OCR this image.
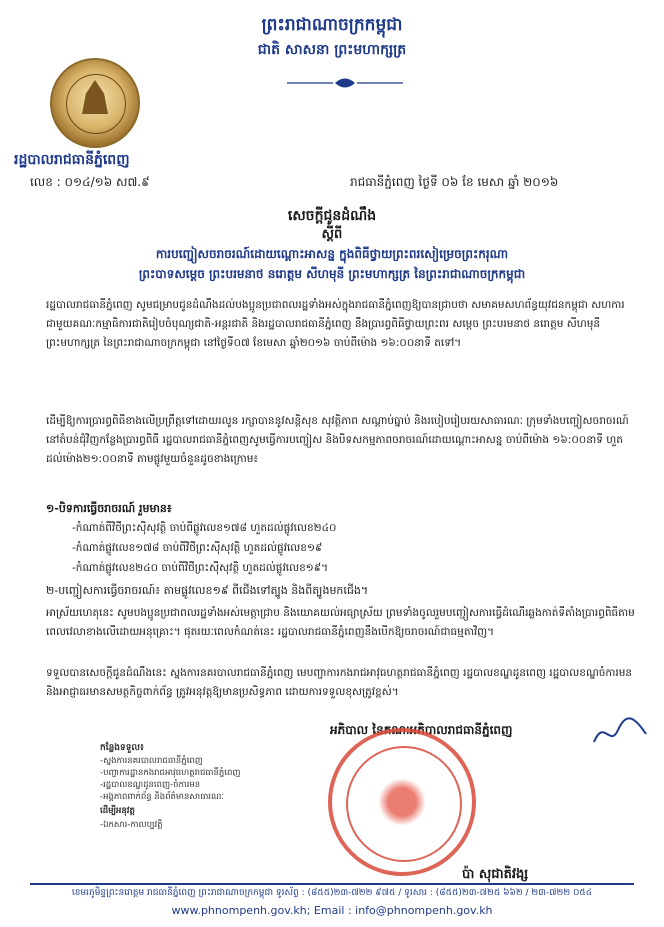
ព្រះរាជាណាចក្រកម្ពុជា
ជាតិ សាសនា ព្រះមហាក្សត្រ
រដ្ឋបាលរាជធានីភ្នំពេញ
លេខ : ០១៤/១៦ ស៧.៩	រាជធានីភ្នំពេញ ថ្ងៃទី ០៦ ខែ មេសា ឆ្នាំ ២០១៦
សេចក្តីជូនដំណឹង
ស្តីពី
ការបញ្ជៀសចរាចរណ៍ដោយណ្ដោះអាសន្ន ក្នុងពិធីថ្វាយព្រះពរសៀម្រេចព្រះករុណា
ព្រះបាទសម្តេច ព្រះបរមនាថ នរោត្តម សីហមុនី ព្រះមហាក្សត្រ នៃព្រះរាជាណាចក្រកម្ពុជា
រដ្ឋបាលរាជធានីភ្នំពេញ សូមជម្រាបជូនដំណឹងដល់បងប្អូនប្រជាពលរដ្ឋទាំងអស់ក្នុងរាជធានីភ្នំពេញឱ្យបានជ្រាបថា សមាគមសហព័ន្ធយុវជនកម្ពុជា សហការជាមួយគណៈកម្មាធិការជាតិរៀបចំបុណ្យជាតិ-អន្តរជាតិ និងរដ្ឋបាលរាជធានីភ្នំពេញ នឹងប្រារព្ធពិធីថ្វាយព្រះពរ សម្តេច ព្រះបរមនាថ នរោត្តម សីហមុនី ព្រះមហាក្សត្រ នៃព្រះរាជាណាចក្រកម្ពុជា នៅថ្ងៃទី០៧ ខែមេសា ឆ្នាំ២០១៦ ចាប់ពីម៉ោង ១៦:០០នាទី តទៅ។
ដើម្បីឱ្យការប្រារព្ធពិធីខាងលើប្រព្រឹត្តទៅដោយរលូន រក្សាបាននូវសន្តិសុខ សុវត្ថិភាព សណ្តាប់ធ្នាប់ និងរបៀបរៀបរយសាធារណៈ ក្រុមទាំងបញ្ជៀសចរាចរណ៍ នៅតំបន់ជុំវិញកន្លែងប្រារព្ធពិធី រដ្ឋបាលរាជធានីភ្នំពេញសូមធ្វើការបញ្ជៀស និងបិទសកម្មភាពចរាចរណ៍ដោយណ្ដោះអាសន្ន ចាប់ពីម៉ោង ១៦:០០នាទី ហួតដល់ម៉ោង២១:០០នាទី តាមផ្លូវមួយចំនួនដូចខាងក្រោម៖
១-បិទការធ្វើចរាចរណ៍ រួមមាន៖
-កំណាត់ពីវិថីព្រះស៊ីសុវត្ថិ ចាប់ពីផ្លូវលេខ១៧៨ ហួតដល់ផ្លូវលេខ២៤០
-កំណាត់ផ្លូវលេខ១៧៨ ចាប់ពីវិថីព្រះស៊ីសុវត្ថិ ហួតដល់ផ្លូវលេខ១៩
-កំណាត់ផ្លូវលេខ២៤០ ចាប់ពីវិថីព្រះស៊ីសុវត្ថិ ហួតដល់ផ្លូវលេខ១៩។
២-បញ្ជៀសការធ្វើចរាចរណ៍៖ តាមផ្លូវលេខ១៩ ពីជើងទៅត្បូង និងពីត្បូងមកជើង។
អាស្រ័យហេតុនេះ សូមបងប្អូនប្រជាពលរដ្ឋទាំងអស់មេត្តាជ្រាប និងយោគយល់អធ្យាស្រ័យ ព្រមទាំងចូលរួមបញ្ជៀសការធ្វើដំណើរឆ្លងកាត់ទីតាំងប្រារព្ធពិធីតាមពេលវេលាខាងលើដោយអនុគ្រោះ។ ផុតរយៈពេលកំណត់នេះ រដ្ឋបាលរាជធានីភ្នំពេញនឹងបើកឱ្យចរាចរណ៍ជាធម្មតាវិញ។
ទទួលបានសេចក្តីជូនដំណឹងនេះ ស្នងការនគរបាលរាជធានីភ្នំពេញ មេបញ្ជាការកងរាជអាវុធហត្ថរាជធានីភ្នំពេញ រដ្ឋបាលខណ្ឌដូនពេញ រដ្ឋបាលខណ្ឌចំការមន និងអាជ្ញាធរមានសមត្ថកិច្ចពាក់ព័ន្ធ ត្រូវអនុវត្តឱ្យមានប្រសិទ្ធភាព ដោយការទទួលខុសត្រូវខ្ពស់។
អភិបាល នៃគណៈអភិបាលរាជធានីភ្នំពេញ
ប៉ា សុជាតិវង្ស
កន្លែងទទួល៖
-ស្នងការនគរបាលរាជធានីភ្នំពេញ
-បញ្ជាការដ្ឋានកងរាជអាវុធហត្ថរាជធានីភ្នំពេញ
-រដ្ឋបាលខណ្ឌដូនពេញ-ចំការមន
-អង្គភាពពាក់ព័ន្ធ និងព័ត៌មានសាធារណៈ
ដើម្បីអនុវត្ត
-ឯកសារ-កាលប្បវត្តិ
ខេមរភូមិន្ទព្រះនរោត្តម រាជធានីភ្នំពេញ ព្រះរាជាណាចក្រកម្ពុជា ទូរស័ព្ទ : (៨៥៥)២៣-៧២២ ៩៧៥ / ទូរសារ : (៨៥៥)២៣-៧២៥ ៦៦២ / ២៣-៧២២ ០៥៤
www.phnompenh.gov.kh; Email : info@phnompenh.gov.kh
